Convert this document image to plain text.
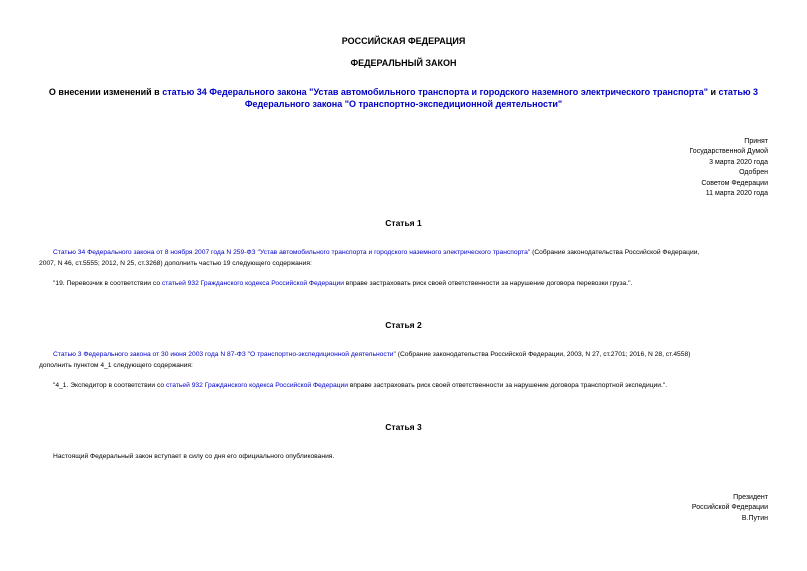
РОССИЙСКАЯ ФЕДЕРАЦИЯ
ФЕДЕРАЛЬНЫЙ ЗАКОН
О внесении изменений в статью 34 Федерального закона "Устав автомобильного транспорта и городского наземного электрического транспорта" и статью 3
Федерального закона "О транспортно-экспедиционной деятельности"
Принят
Государственной Думой
3 марта 2020 года
Одобрен
Советом Федерации
11 марта 2020 года
Статья 1
Статью 34 Федерального закона от 8 ноября 2007 года N 259-ФЗ "Устав автомобильного транспорта и городского наземного электрического транспорта" (Собрание законодательства Российской Федерации,
2007, N 46, ст.5555; 2012, N 25, ст.3268) дополнить частью 19 следующего содержания:
"19. Перевозчик в соответствии со статьей 932 Гражданского кодекса Российской Федерации вправе застраховать риск своей ответственности за нарушение договора перевозки груза.".
Статья 2
Статью 3 Федерального закона от 30 июня 2003 года N 87-ФЗ "О транспортно-экспедиционной деятельности" (Собрание законодательства Российской Федерации, 2003, N 27, ст.2701; 2016, N 28, ст.4558)
дополнить пунктом 4_1 следующего содержания:
"4_1. Экспедитор в соответствии со статьей 932 Гражданского кодекса Российской Федерации вправе застраховать риск своей ответственности за нарушение договора транспортной экспедиции.".
Статья 3
Настоящий Федеральный закон вступает в силу со дня его официального опубликования.
Президент
Российской Федерации
В.Путин
